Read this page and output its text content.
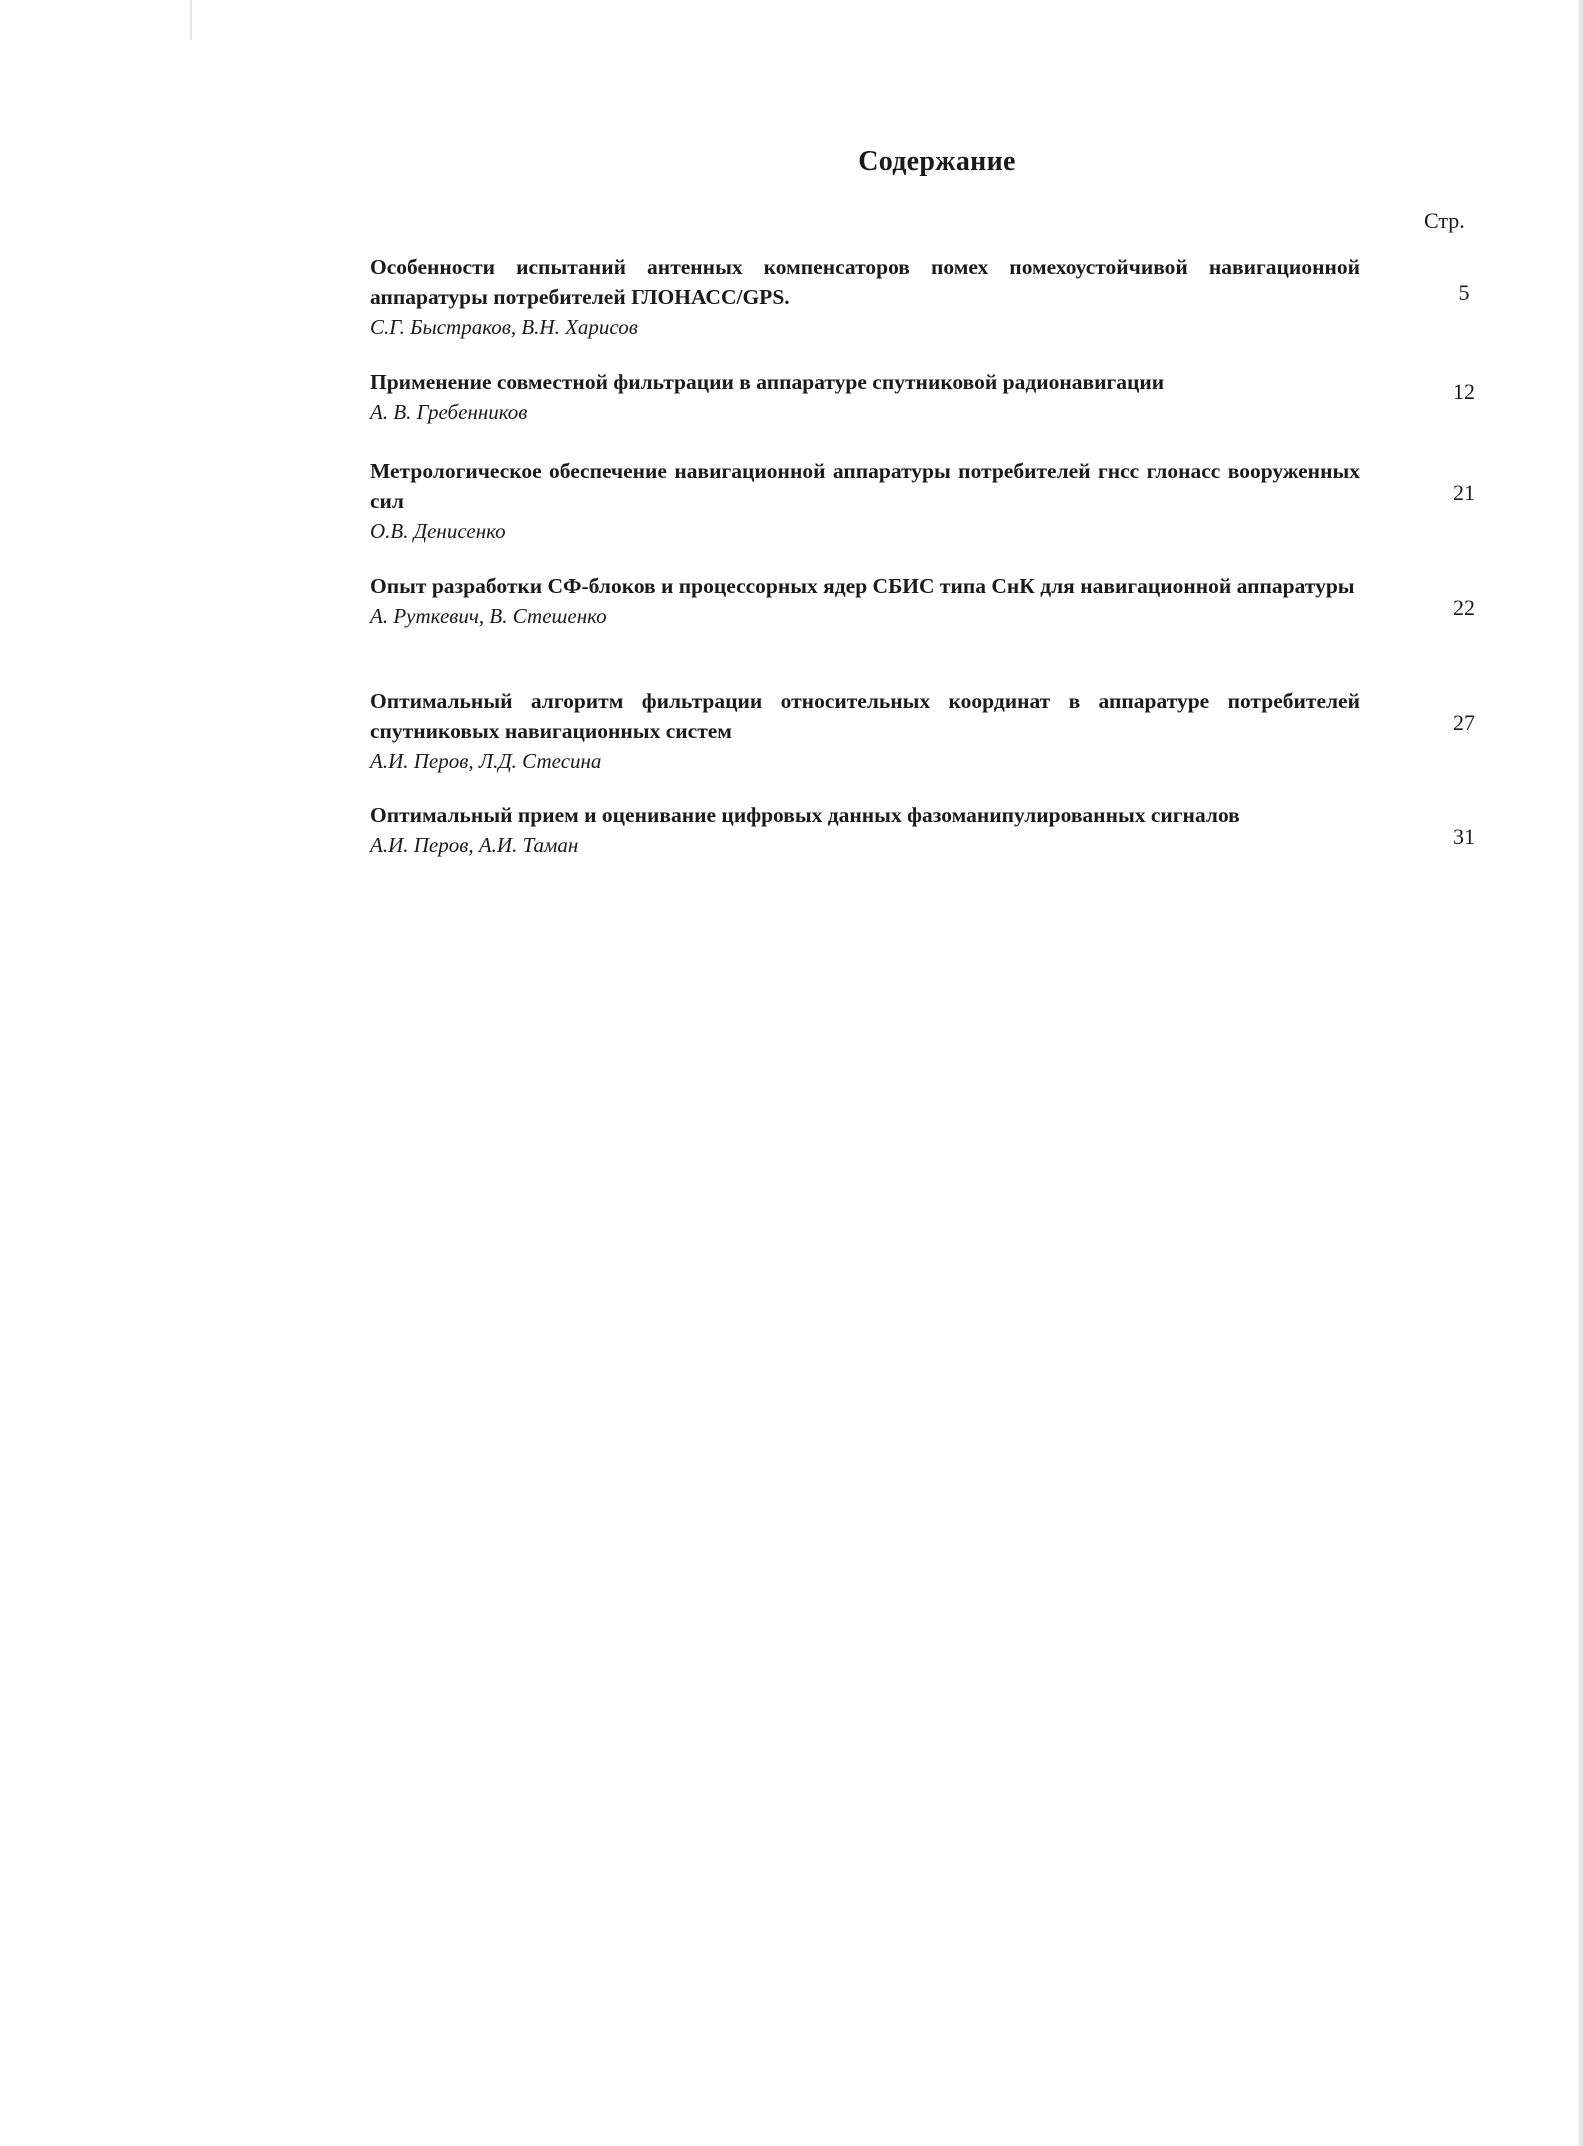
Содержание
Стр.
Особенности испытаний антенных компенсаторов помех помехоустойчивой навигационной аппаратуры потребителей ГЛОНАСС/GPS.
С.Г. Быстраков, В.Н. Харисов
5
Применение совместной фильтрации в аппаратуре спутниковой радионавигации
А. В. Гребенников
12
Метрологическое обеспечение навигационной аппаратуры потребителей гнсс глонасс вооруженных сил
О.В. Денисенко
21
Опыт разработки СФ-блоков и процессорных ядер СБИС типа СнК для навигационной аппаратуры
А. Руткевич, В. Стешенко	22
Оптимальный алгоритм фильтрации относительных координат в аппаратуре потребителей спутниковых навигационных систем
А.И. Перов, Л.Д. Стесина
27
Оптимальный прием и оценивание цифровых данных фазоманипулированных сигналов
А.И. Перов, А.И. Таман	31
